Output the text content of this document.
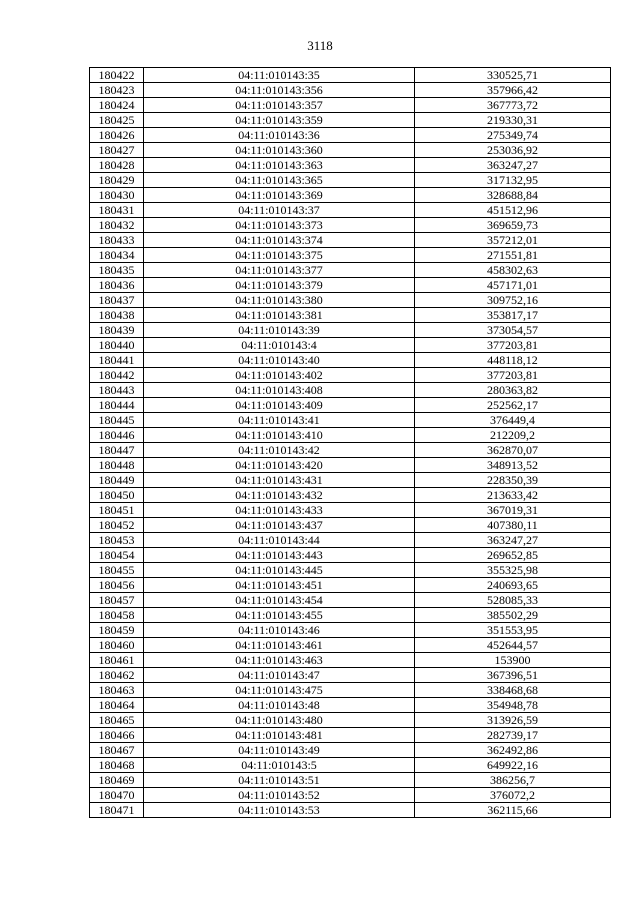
3118
180422	04:11:010143:35	330525,71
180423	04:11:010143:356	357966,42
180424	04:11:010143:357	367773,72
180425	04:11:010143:359	219330,31
180426	04:11:010143:36	275349,74
180427	04:11:010143:360	253036,92
180428	04:11:010143:363	363247,27
180429	04:11:010143:365	317132,95
180430	04:11:010143:369	328688,84
180431	04:11:010143:37	451512,96
180432	04:11:010143:373	369659,73
180433	04:11:010143:374	357212,01
180434	04:11:010143:375	271551,81
180435	04:11:010143:377	458302,63
180436	04:11:010143:379	457171,01
180437	04:11:010143:380	309752,16
180438	04:11:010143:381	353817,17
180439	04:11:010143:39	373054,57
180440	04:11:010143:4	377203,81
180441	04:11:010143:40	448118,12
180442	04:11:010143:402	377203,81
180443	04:11:010143:408	280363,82
180444	04:11:010143:409	252562,17
180445	04:11:010143:41	376449,4
180446	04:11:010143:410	212209,2
180447	04:11:010143:42	362870,07
180448	04:11:010143:420	348913,52
180449	04:11:010143:431	228350,39
180450	04:11:010143:432	213633,42
180451	04:11:010143:433	367019,31
180452	04:11:010143:437	407380,11
180453	04:11:010143:44	363247,27
180454	04:11:010143:443	269652,85
180455	04:11:010143:445	355325,98
180456	04:11:010143:451	240693,65
180457	04:11:010143:454	528085,33
180458	04:11:010143:455	385502,29
180459	04:11:010143:46	351553,95
180460	04:11:010143:461	452644,57
180461	04:11:010143:463	153900
180462	04:11:010143:47	367396,51
180463	04:11:010143:475	338468,68
180464	04:11:010143:48	354948,78
180465	04:11:010143:480	313926,59
180466	04:11:010143:481	282739,17
180467	04:11:010143:49	362492,86
180468	04:11:010143:5	649922,16
180469	04:11:010143:51	386256,7
180470	04:11:010143:52	376072,2
180471	04:11:010143:53	362115,66
